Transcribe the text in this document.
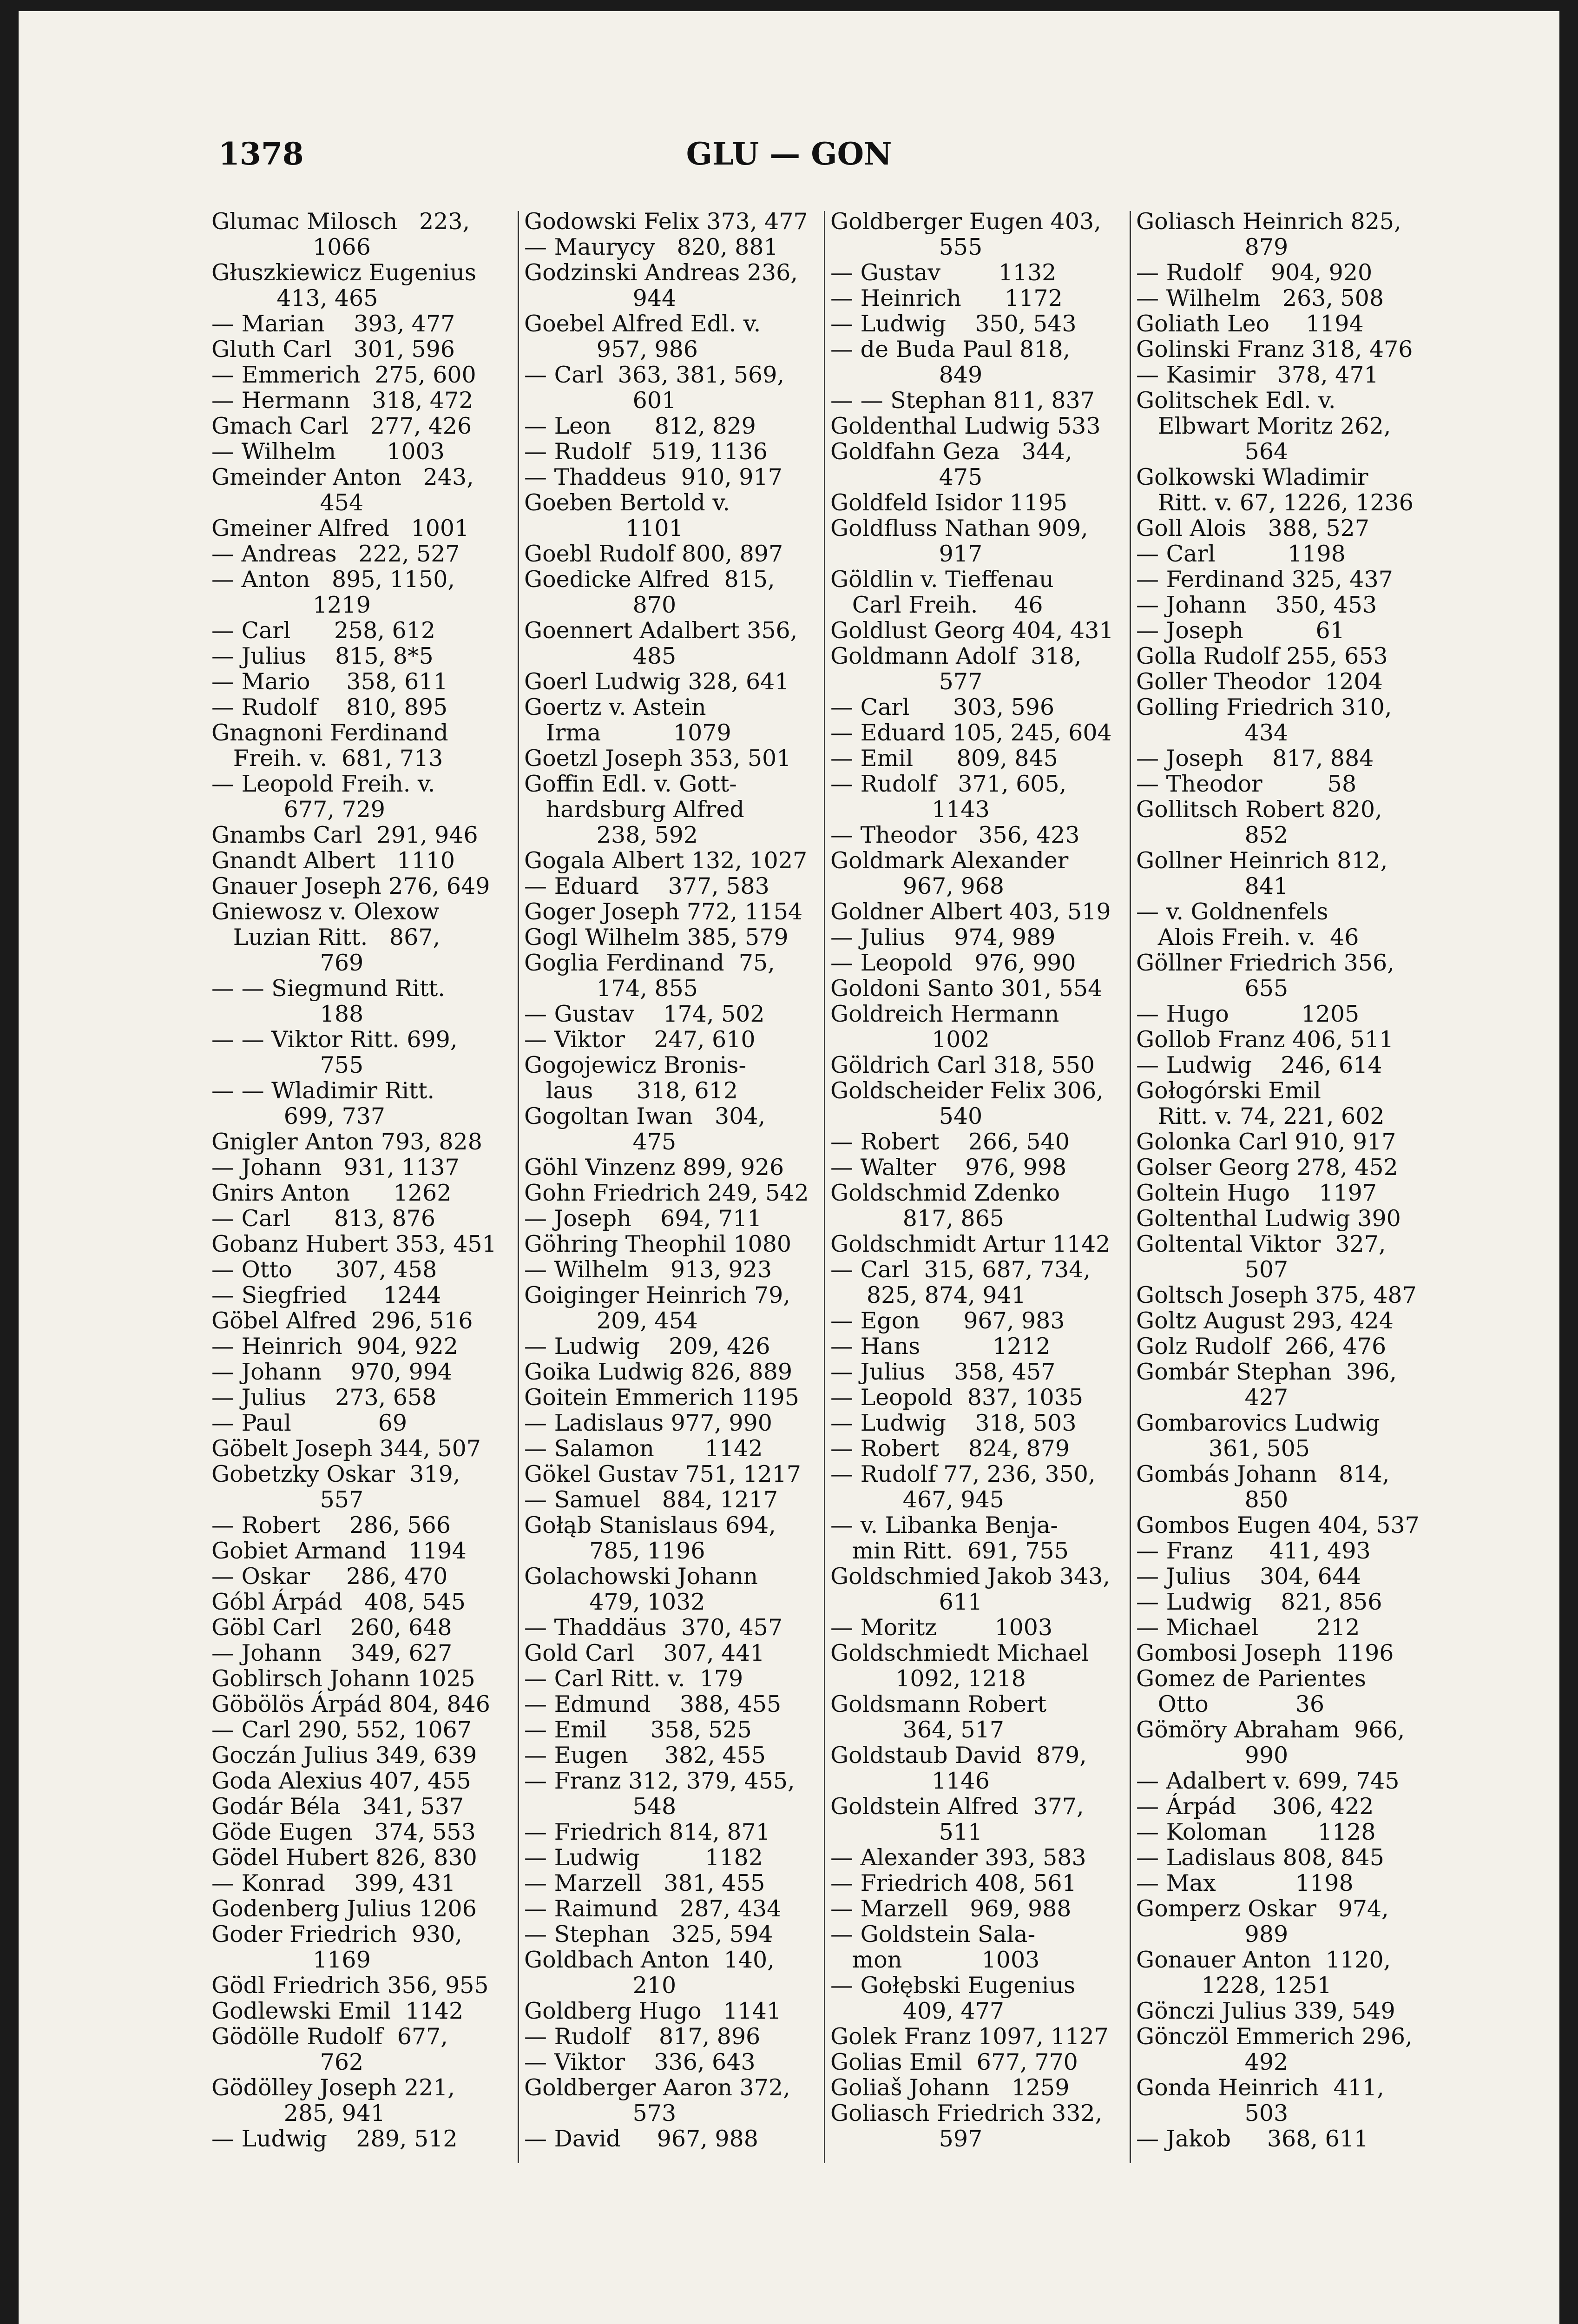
1378	GLU — GON
Glumac Milosch   223,
1066
Głuszkiewicz Eugenius
413, 465
— Marian    393, 477
Gluth Carl   301, 596
— Emmerich  275, 600
— Hermann   318, 472
Gmach Carl   277, 426
— Wilhelm       1003
Gmeinder Anton   243,
454
Gmeiner Alfred   1001
— Andreas   222, 527
— Anton   895, 1150,
1219
— Carl      258, 612
— Julius    815, 8*5
— Mario     358, 611
— Rudolf    810, 895
Gnagnoni Ferdinand
Freih. v.  681, 713
— Leopold Freih. v.
677, 729
Gnambs Carl  291, 946
Gnandt Albert   1110
Gnauer Joseph 276, 649
Gniewosz v. Olexow
Luzian Ritt.   867,
769
— — Siegmund Ritt.
188
— — Viktor Ritt. 699,
755
— — Wladimir Ritt.
699, 737
Gnigler Anton 793, 828
— Johann   931, 1137
Gnirs Anton      1262
— Carl      813, 876
Gobanz Hubert 353, 451
— Otto      307, 458
— Siegfried     1244
Göbel Alfred  296, 516
— Heinrich  904, 922
— Johann    970, 994
— Julius    273, 658
— Paul            69
Göbelt Joseph 344, 507
Gobetzky Oskar  319,
557
— Robert    286, 566
Gobiet Armand   1194
— Oskar     286, 470
Góbl Árpád   408, 545
Göbl Carl    260, 648
— Johann    349, 627
Goblirsch Johann 1025
Göbölös Árpád 804, 846
— Carl 290, 552, 1067
Goczán Julius 349, 639
Goda Alexius 407, 455
Godár Béla   341, 537
Göde Eugen   374, 553
Gödel Hubert 826, 830
— Konrad    399, 431
Godenberg Julius 1206
Goder Friedrich  930,
1169
Gödl Friedrich 356, 955
Godlewski Emil  1142
Gödölle Rudolf  677,
762
Gödölley Joseph 221,
285, 941
— Ludwig    289, 512
Godowski Felix 373, 477
— Maurycy   820, 881
Godzinski Andreas 236,
944
Goebel Alfred Edl. v.
957, 986
— Carl  363, 381, 569,
601
— Leon      812, 829
— Rudolf   519, 1136
— Thaddeus  910, 917
Goeben Bertold v.
1101
Goebl Rudolf 800, 897
Goedicke Alfred  815,
870
Goennert Adalbert 356,
485
Goerl Ludwig 328, 641
Goertz v. Astein
Irma          1079
Goetzl Joseph 353, 501
Goffin Edl. v. Gott-
hardsburg Alfred
238, 592
Gogala Albert 132, 1027
— Eduard    377, 583
Goger Joseph 772, 1154
Gogl Wilhelm 385, 579
Goglia Ferdinand  75,
174, 855
— Gustav    174, 502
— Viktor    247, 610
Gogojewicz Bronis-
laus      318, 612
Gogoltan Iwan   304,
475
Göhl Vinzenz 899, 926
Gohn Friedrich 249, 542
— Joseph    694, 711
Göhring Theophil 1080
— Wilhelm   913, 923
Goiginger Heinrich 79,
209, 454
— Ludwig    209, 426
Goika Ludwig 826, 889
Goitein Emmerich 1195
— Ladislaus 977, 990
— Salamon       1142
Gökel Gustav 751, 1217
— Samuel   884, 1217
Gołąb Stanislaus 694,
785, 1196
Golachowski Johann
479, 1032
— Thaddäus  370, 457
Gold Carl    307, 441
— Carl Ritt. v.  179
— Edmund    388, 455
— Emil      358, 525
— Eugen     382, 455
— Franz 312, 379, 455,
548
— Friedrich 814, 871
— Ludwig         1182
— Marzell   381, 455
— Raimund   287, 434
— Stephan   325, 594
Goldbach Anton  140,
210
Goldberg Hugo   1141
— Rudolf    817, 896
— Viktor    336, 643
Goldberger Aaron 372,
573
— David     967, 988
Goldberger Eugen 403,
555
— Gustav        1132
— Heinrich      1172
— Ludwig    350, 543
— de Buda Paul 818,
849
— — Stephan 811, 837
Goldenthal Ludwig 533
Goldfahn Geza   344,
475
Goldfeld Isidor 1195
Goldfluss Nathan 909,
917
Göldlin v. Tieffenau
Carl Freih.     46
Goldlust Georg 404, 431
Goldmann Adolf  318,
577
— Carl      303, 596
— Eduard 105, 245, 604
— Emil      809, 845
— Rudolf   371, 605,
1143
— Theodor   356, 423
Goldmark Alexander
967, 968
Goldner Albert 403, 519
— Julius    974, 989
— Leopold   976, 990
Goldoni Santo 301, 554
Goldreich Hermann
1002
Göldrich Carl 318, 550
Goldscheider Felix 306,
540
— Robert    266, 540
— Walter    976, 998
Goldschmid Zdenko
817, 865
Goldschmidt Artur 1142
— Carl  315, 687, 734,
825, 874, 941
— Egon      967, 983
— Hans          1212
— Julius    358, 457
— Leopold  837, 1035
— Ludwig    318, 503
— Robert    824, 879
— Rudolf 77, 236, 350,
467, 945
— v. Libanka Benja-
min Ritt.  691, 755
Goldschmied Jakob 343,
611
— Moritz        1003
Goldschmiedt Michael
1092, 1218
Goldsmann Robert
364, 517
Goldstaub David  879,
1146
Goldstein Alfred  377,
511
— Alexander 393, 583
— Friedrich 408, 561
— Marzell   969, 988
— Goldstein Sala-
mon           1003
— Gołębski Eugenius
409, 477
Golek Franz 1097, 1127
Golias Emil  677, 770
Goliaš Johann   1259
Goliasch Friedrich 332,
597
Goliasch Heinrich 825,
879
— Rudolf    904, 920
— Wilhelm   263, 508
Goliath Leo     1194
Golinski Franz 318, 476
— Kasimir   378, 471
Golitschek Edl. v.
Elbwart Moritz 262,
564
Golkowski Wladimir
Ritt. v. 67, 1226, 1236
Goll Alois   388, 527
— Carl          1198
— Ferdinand 325, 437
— Johann    350, 453
— Joseph          61
Golla Rudolf 255, 653
Goller Theodor  1204
Golling Friedrich 310,
434
— Joseph    817, 884
— Theodor         58
Gollitsch Robert 820,
852
Gollner Heinrich 812,
841
— v. Goldnenfels
Alois Freih. v.  46
Göllner Friedrich 356,
655
— Hugo          1205
Gollob Franz 406, 511
— Ludwig    246, 614
Gołogórski Emil
Ritt. v. 74, 221, 602
Golonka Carl 910, 917
Golser Georg 278, 452
Goltein Hugo    1197
Goltenthal Ludwig 390
Goltental Viktor  327,
507
Goltsch Joseph 375, 487
Goltz August 293, 424
Golz Rudolf  266, 476
Gombár Stephan  396,
427
Gombarovics Ludwig
361, 505
Gombás Johann   814,
850
Gombos Eugen 404, 537
— Franz     411, 493
— Julius    304, 644
— Ludwig    821, 856
— Michael        212
Gombosi Joseph  1196
Gomez de Parientes
Otto            36
Gömöry Abraham  966,
990
— Adalbert v. 699, 745
— Árpád     306, 422
— Koloman       1128
— Ladislaus 808, 845
— Max           1198
Gomperz Oskar   974,
989
Gonauer Anton  1120,
1228, 1251
Gönczi Julius 339, 549
Gönczöl Emmerich 296,
492
Gonda Heinrich  411,
503
— Jakob     368, 611
